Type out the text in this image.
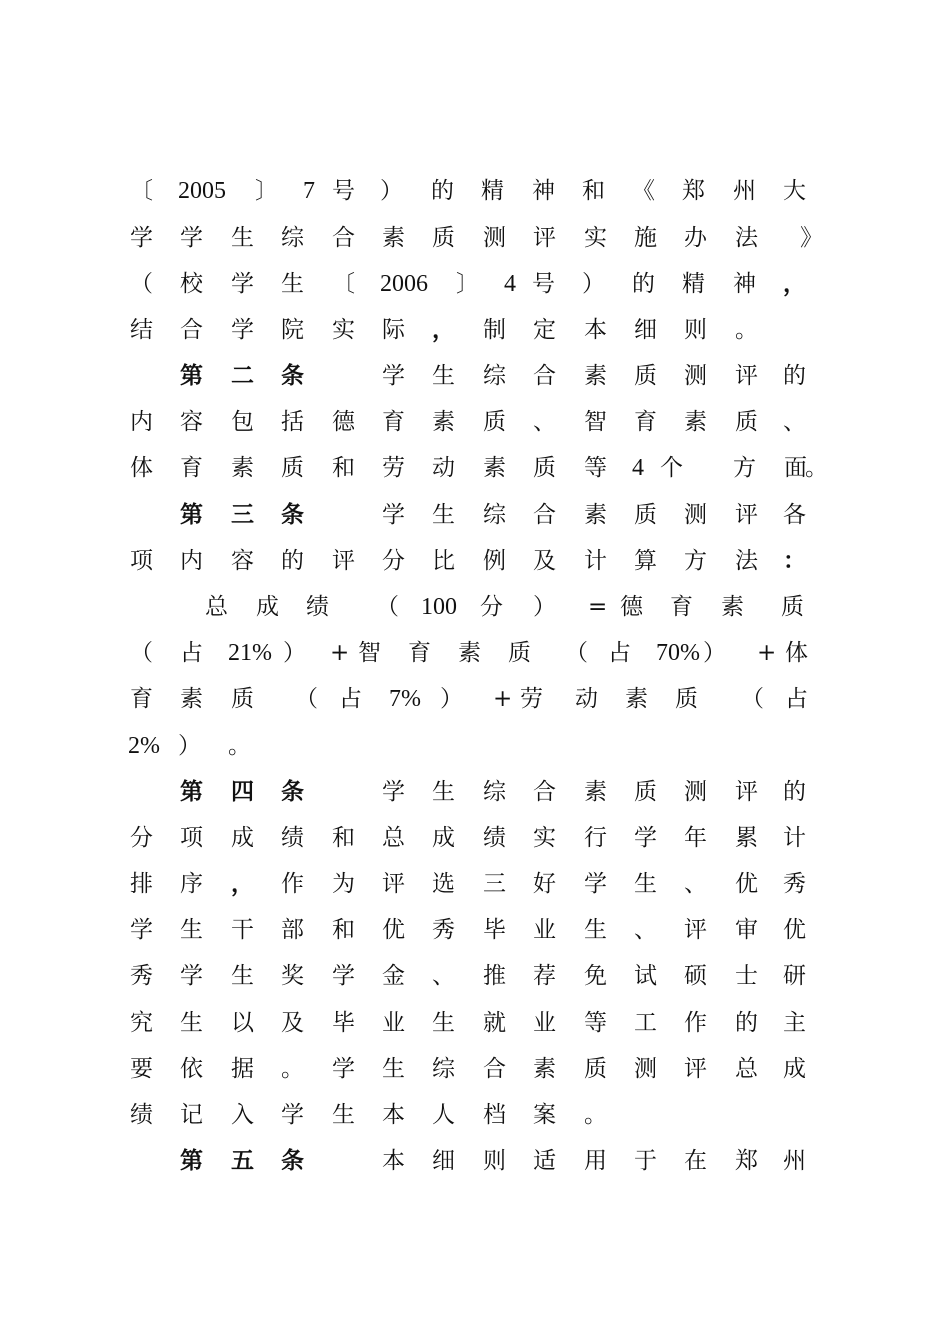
〔 2005 〕 7 号 ） 的 精 神 和 《 郑 州 大
学 学 生 综 合 素 质 测 评 实 施 办 法 》
（ 校 学 生 〔 2006 〕 4 号 ） 的 精 神 ，
结 合 学 院 实 际 ， 制 定 本 细 则 。
第 二 条	学 生 综 合 素 质 测 评 的
内 容 包 括 德 育 素 质 、 智 育 素 质 、
体 育 素 质 和 劳 动 素 质 等 4 个 方 面
。
第 三 条	学 生 综 合 素 质 测 评 各
项 内 容 的 评 分 比 例 及 计 算 方 法 ：
总 成 绩 （ 100 分 ） = 德 育 素 质
（ 占 21% ） + 智 育 素 质 （ 占 70% ） + 体
育 素 质 （ 占 7% ） + 劳 动 素 质 （ 占
2% ） 。
第 四 条	学 生 综 合 素 质 测 评 的
分 项 成 绩 和 总 成 绩 实 行 学 年 累 计
排 序 ， 作 为 评 选 三 好 学 生 、 优 秀
学 生 干 部 和 优 秀 毕 业 生 、 评 审 优
秀 学 生 奖 学 金 、 推 荐 免 试 硕 士 研
究 生 以 及 毕 业 生 就 业 等 工 作 的 主
要 依 据 。 学 生 综 合 素 质 测 评 总 成
绩 记 入 学 生 本 人 档 案 。
第 五 条	本 细 则 适 用 于 在 郑 州
